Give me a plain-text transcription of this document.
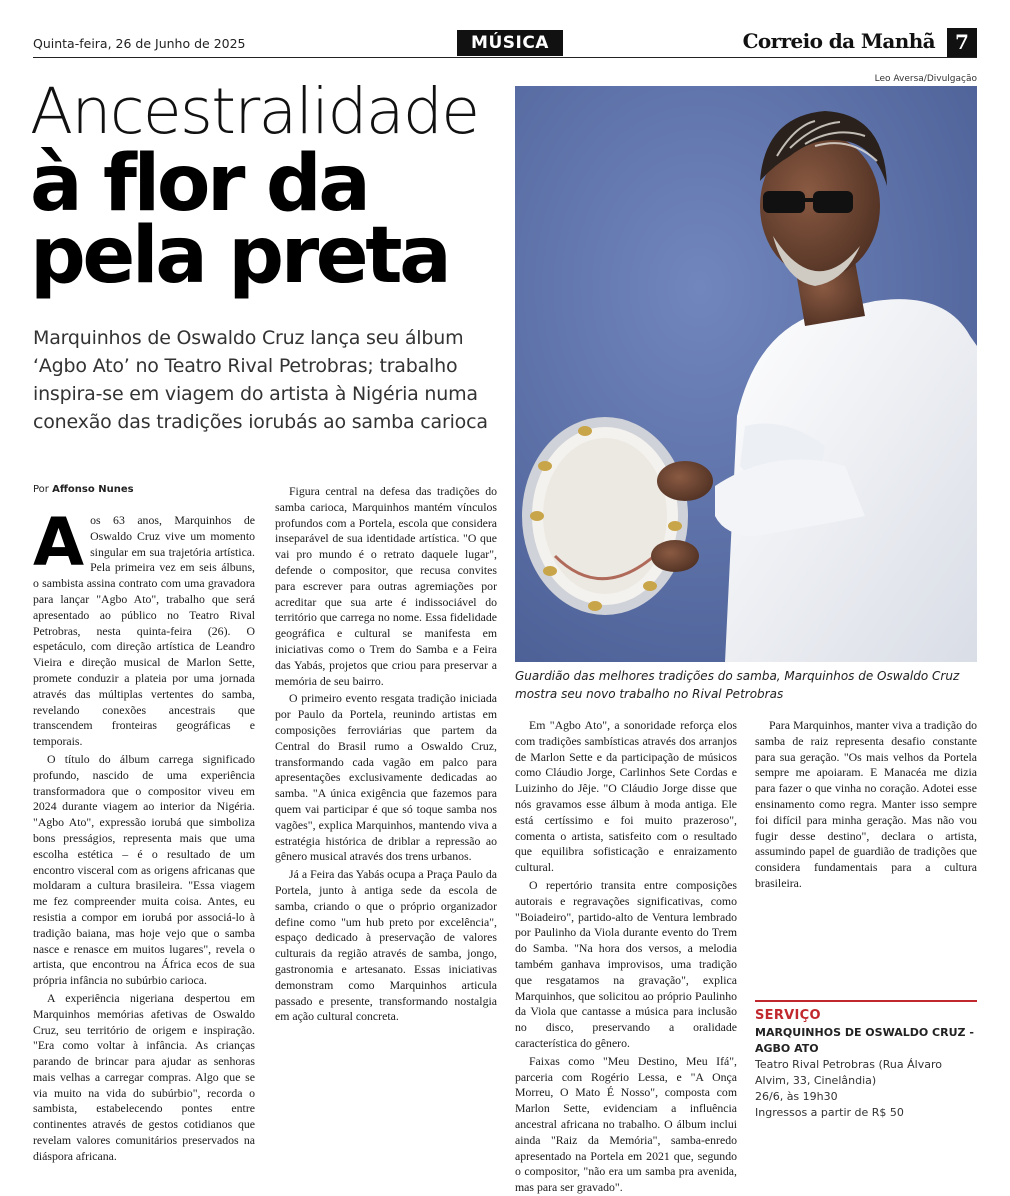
Quinta-feira, 26 de Junho de 2025	MÚSICA	Correio da Manhã	7
Ancestralidade
à flor da
pela preta

Marquinhos de Oswaldo Cruz lança seu álbum ‘Agbo Ato’ no Teatro Rival Petrobras; trabalho inspira-se em viagem do artista à Nigéria numa conexão das tradições iorubás ao samba carioca

Leo Aversa/Divulgação

Guardião das melhores tradições do samba, Marquinhos de Oswaldo Cruz mostra seu novo trabalho no Rival Petrobras

Por Affonso Nunes

Aos 63 anos, Marquinhos de Oswaldo Cruz vive um momento singular em sua trajetória artística. Pela primeira vez em seis álbuns, o sambista assina contrato com uma gravadora para lançar "Agbo Ato", trabalho que será apresentado ao público no Teatro Rival Petrobras, nesta quinta-feira (26). O espetáculo, com direção artística de Leandro Vieira e direção musical de Marlon Sette, promete conduzir a plateia por uma jornada através das múltiplas vertentes do samba, revelando conexões ancestrais que transcendem fronteiras geográficas e temporais.

O título do álbum carrega significado profundo, nascido de uma experiência transformadora que o compositor viveu em 2024 durante viagem ao interior da Nigéria. "Agbo Ato", expressão iorubá que simboliza bons presságios, representa mais que uma escolha estética – é o resultado de um encontro visceral com as origens africanas que moldaram a cultura brasileira. "Essa viagem me fez compreender muita coisa. Antes, eu resistia a compor em iorubá por associá-lo à tradição baiana, mas hoje vejo que o samba nasce e renasce em muitos lugares", revela o artista, que encontrou na África ecos de sua própria infância no subúrbio carioca.

A experiência nigeriana despertou em Marquinhos memórias afetivas de Oswaldo Cruz, seu território de origem e inspiração. "Era como voltar à infância. As crianças parando de brincar para ajudar as senhoras mais velhas a carregar compras. Algo que se via muito na vida do subúrbio", recorda o sambista, estabelecendo pontes entre continentes através de gestos cotidianos que revelam valores comunitários preservados na diáspora africana.

Figura central na defesa das tradições do samba carioca, Marquinhos mantém vínculos profundos com a Portela, escola que considera inseparável de sua identidade artística. "O que vai pro mundo é o retrato daquele lugar", defende o compositor, que recusa convites para escrever para outras agremiações por acreditar que sua arte é indissociável do território que carrega no nome. Essa fidelidade geográfica e cultural se manifesta em iniciativas como o Trem do Samba e a Feira das Yabás, projetos que criou para preservar a memória de seu bairro.

O primeiro evento resgata tradição iniciada por Paulo da Portela, reunindo artistas em composições ferroviárias que partem da Central do Brasil rumo a Oswaldo Cruz, transformando cada vagão em palco para apresentações exclusivamente dedicadas ao samba. "A única exigência que fazemos para quem vai participar é que só toque samba nos vagões", explica Marquinhos, mantendo viva a estratégia histórica de driblar a repressão ao gênero musical através dos trens urbanos.

Já a Feira das Yabás ocupa a Praça Paulo da Portela, junto à antiga sede da escola de samba, criando o que o próprio organizador define como "um hub preto por excelência", espaço dedicado à preservação de valores culturais da região através de samba, jongo, gastronomia e artesanato. Essas iniciativas demonstram como Marquinhos articula passado e presente, transformando nostalgia em ação cultural concreta.

Em "Agbo Ato", a sonoridade reforça elos com tradições sambísticas através dos arranjos de Marlon Sette e da participação de músicos como Cláudio Jorge, Carlinhos Sete Cordas e Luizinho do Jêje. "O Cláudio Jorge disse que nós gravamos esse álbum à moda antiga. Ele está certíssimo e foi muito prazeroso", comenta o artista, satisfeito com o resultado que equilibra sofisticação e enraizamento cultural.

O repertório transita entre composições autorais e regravações significativas, como "Boiadeiro", partido-alto de Ventura lembrado por Paulinho da Viola durante evento do Trem do Samba. "Na hora dos versos, a melodia também ganhava improvisos, uma tradição que resgatamos na gravação", explica Marquinhos, que solicitou ao próprio Paulinho da Viola que cantasse a música para inclusão no disco, preservando a oralidade característica do gênero.

Faixas como "Meu Destino, Meu Ifá", parceria com Rogério Lessa, e "A Onça Morreu, O Mato É Nosso", composta com Marlon Sette, evidenciam a influência ancestral africana no trabalho. O álbum inclui ainda "Raiz da Memória", samba-enredo apresentado na Portela em 2021 que, segundo o compositor, "não era um samba pra avenida, mas para ser gravado".

Para Marquinhos, manter viva a tradição do samba de raiz representa desafio constante para sua geração. "Os mais velhos da Portela sempre me apoiaram. E Manacéa me dizia para fazer o que vinha no coração. Adotei esse ensinamento como regra. Manter isso sempre foi difícil para minha geração. Mas não vou fugir desse destino", declara o artista, assumindo papel de guardião de tradições que considera fundamentais para a cultura brasileira.

SERVIÇO
MARQUINHOS DE OSWALDO CRUZ - AGBO ATO
Teatro Rival Petrobras (Rua Álvaro Alvim, 33, Cinelândia)
26/6, às 19h30
Ingressos a partir de R$ 50
